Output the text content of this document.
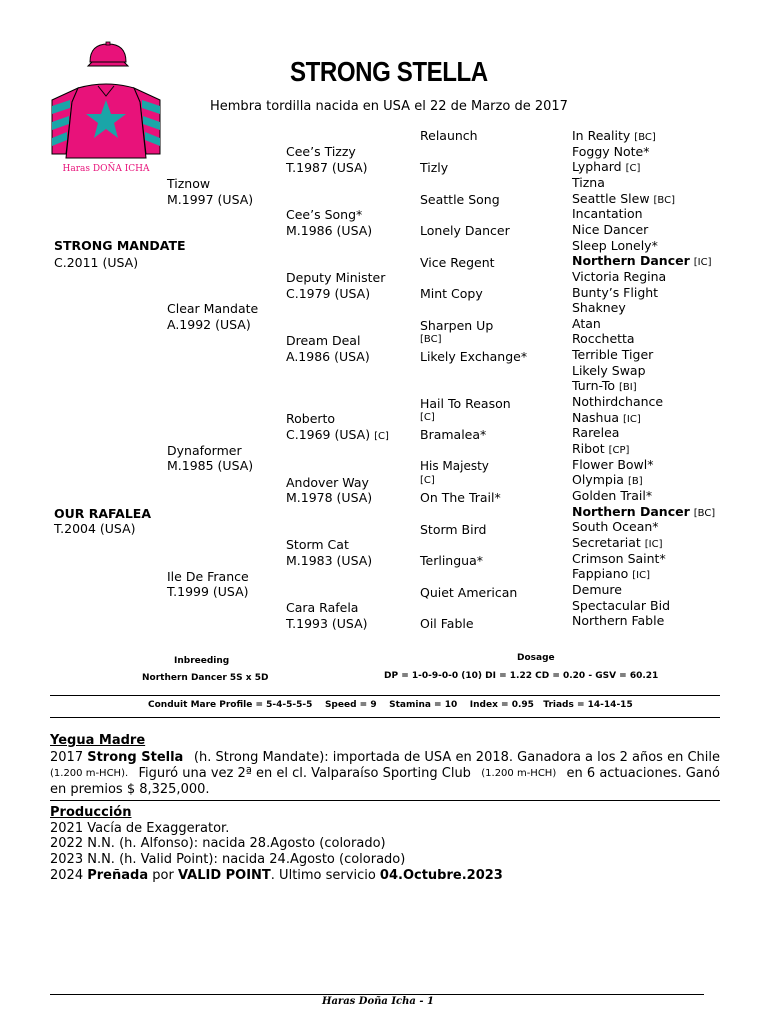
Haras DOÑA ICHA
STRONG STELLA
Hembra tordilla nacida en USA el 22 de Marzo de 2017
STRONG MANDATE
C.2011 (USA)
OUR RAFALEA
T.2004 (USA)
Tiznow
M.1997 (USA)
Clear Mandate
A.1992 (USA)
Dynaformer
M.1985 (USA)
Ile De France
T.1999 (USA)
Cee’s Tizzy
T.1987 (USA)
Cee’s Song*
M.1986 (USA)
Deputy Minister
C.1979 (USA)
Dream Deal
A.1986 (USA)
Roberto
C.1969 (USA) [C]
Andover Way
M.1978 (USA)
Storm Cat
M.1983 (USA)
Cara Rafela
T.1993 (USA)
Relaunch
Tizly
Seattle Song
Lonely Dancer
Vice Regent
Mint Copy
Sharpen Up
[BC]
Likely Exchange*
Hail To Reason
[C]
Bramalea*
His Majesty
[C]
On The Trail*
Storm Bird
Terlingua*
Quiet American
Oil Fable
In Reality [BC]
Foggy Note*
Lyphard [C]
Tizna
Seattle Slew [BC]
Incantation
Nice Dancer
Sleep Lonely*
Northern Dancer [IC]
Victoria Regina
Bunty’s Flight
Shakney
Atan
Rocchetta
Terrible Tiger
Likely Swap
Turn-To [BI]
Nothirdchance
Nashua [IC]
Rarelea
Ribot [CP]
Flower Bowl*
Olympia [B]
Golden Trail*
Northern Dancer [BC]
South Ocean*
Secretariat [IC]
Crimson Saint*
Fappiano [IC]
Demure
Spectacular Bid
Northern Fable
Inbreeding
Northern Dancer 5S x 5D
Dosage
DP = 1-0-9-0-0 (10) DI = 1.22 CD = 0.20 - GSV = 60.21
Conduit Mare Profile = 5-4-5-5-5    Speed = 9    Stamina = 10    Index = 0.95   Triads = 14-14-15
Yegua Madre
2017 Strong Stella (h. Strong Mandate): importada de USA en 2018. Ganadora a los 2 años en Chile
(1.200 m-HCH). Figuró una vez 2ª en el cl. Valparaíso Sporting Club (1.200 m-HCH) en 6 actuaciones. Ganó
en premios $ 8,325,000.
Producción
2021 Vacía de Exaggerator.
2022 N.N. (h. Alfonso): nacida 28.Agosto (colorado)
2023 N.N. (h. Valid Point): nacida 24.Agosto (colorado)
2024 Preñada por VALID POINT. Ultimo servicio 04.Octubre.2023
Haras Doña Icha - 1
